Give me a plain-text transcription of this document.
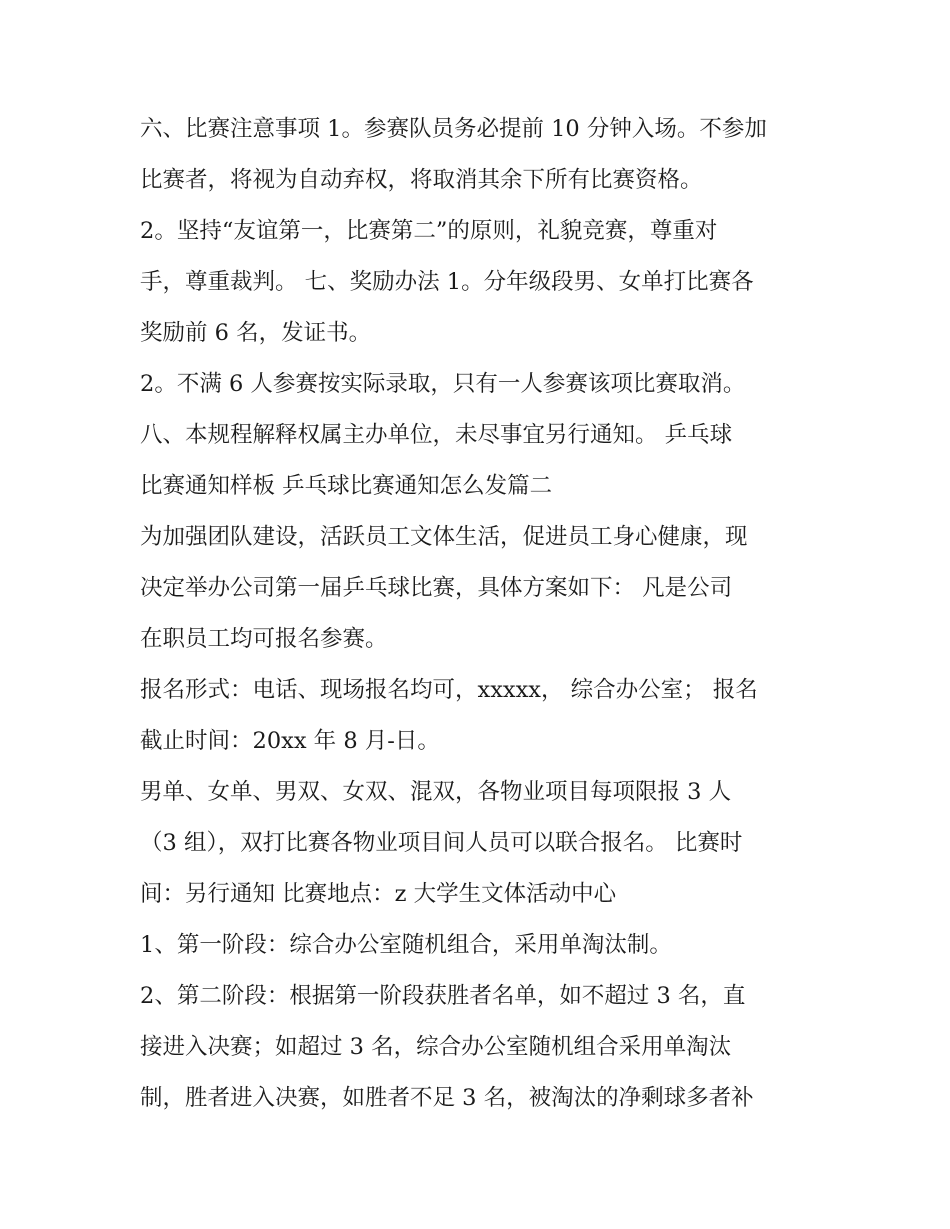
六、比赛注意事项 1。参赛队员务必提前 10 分钟入场。不参加
比赛者，将视为自动弃权，将取消其余下所有比赛资格。
2。坚持“友谊第一，比赛第二”的原则，礼貌竞赛，尊重对
手，尊重裁判。 七、奖励办法 1。分年级段男、女单打比赛各
奖励前 6 名，发证书。
2。不满 6 人参赛按实际录取，只有一人参赛该项比赛取消。
八、本规程解释权属主办单位，未尽事宜另行通知。 乒乓球
比赛通知样板 乒乓球比赛通知怎么发篇二
为加强团队建设，活跃员工文体生活，促进员工身心健康，现
决定举办公司第一届乒乓球比赛，具体方案如下： 凡是公司
在职员工均可报名参赛。
报名形式：电话、现场报名均可，xxxxx， 综合办公室； 报名
截止时间：20xx 年 8 月-日。
男单、女单、男双、女双、混双，各物业项目每项限报 3 人
（3 组），双打比赛各物业项目间人员可以联合报名。 比赛时
间：另行通知 比赛地点：z 大学生文体活动中心
1、第一阶段：综合办公室随机组合，采用单淘汰制。
2、第二阶段：根据第一阶段获胜者名单，如不超过 3 名，直
接进入决赛；如超过 3 名，综合办公室随机组合采用单淘汰
制，胜者进入决赛，如胜者不足 3 名，被淘汰的净剩球多者补
